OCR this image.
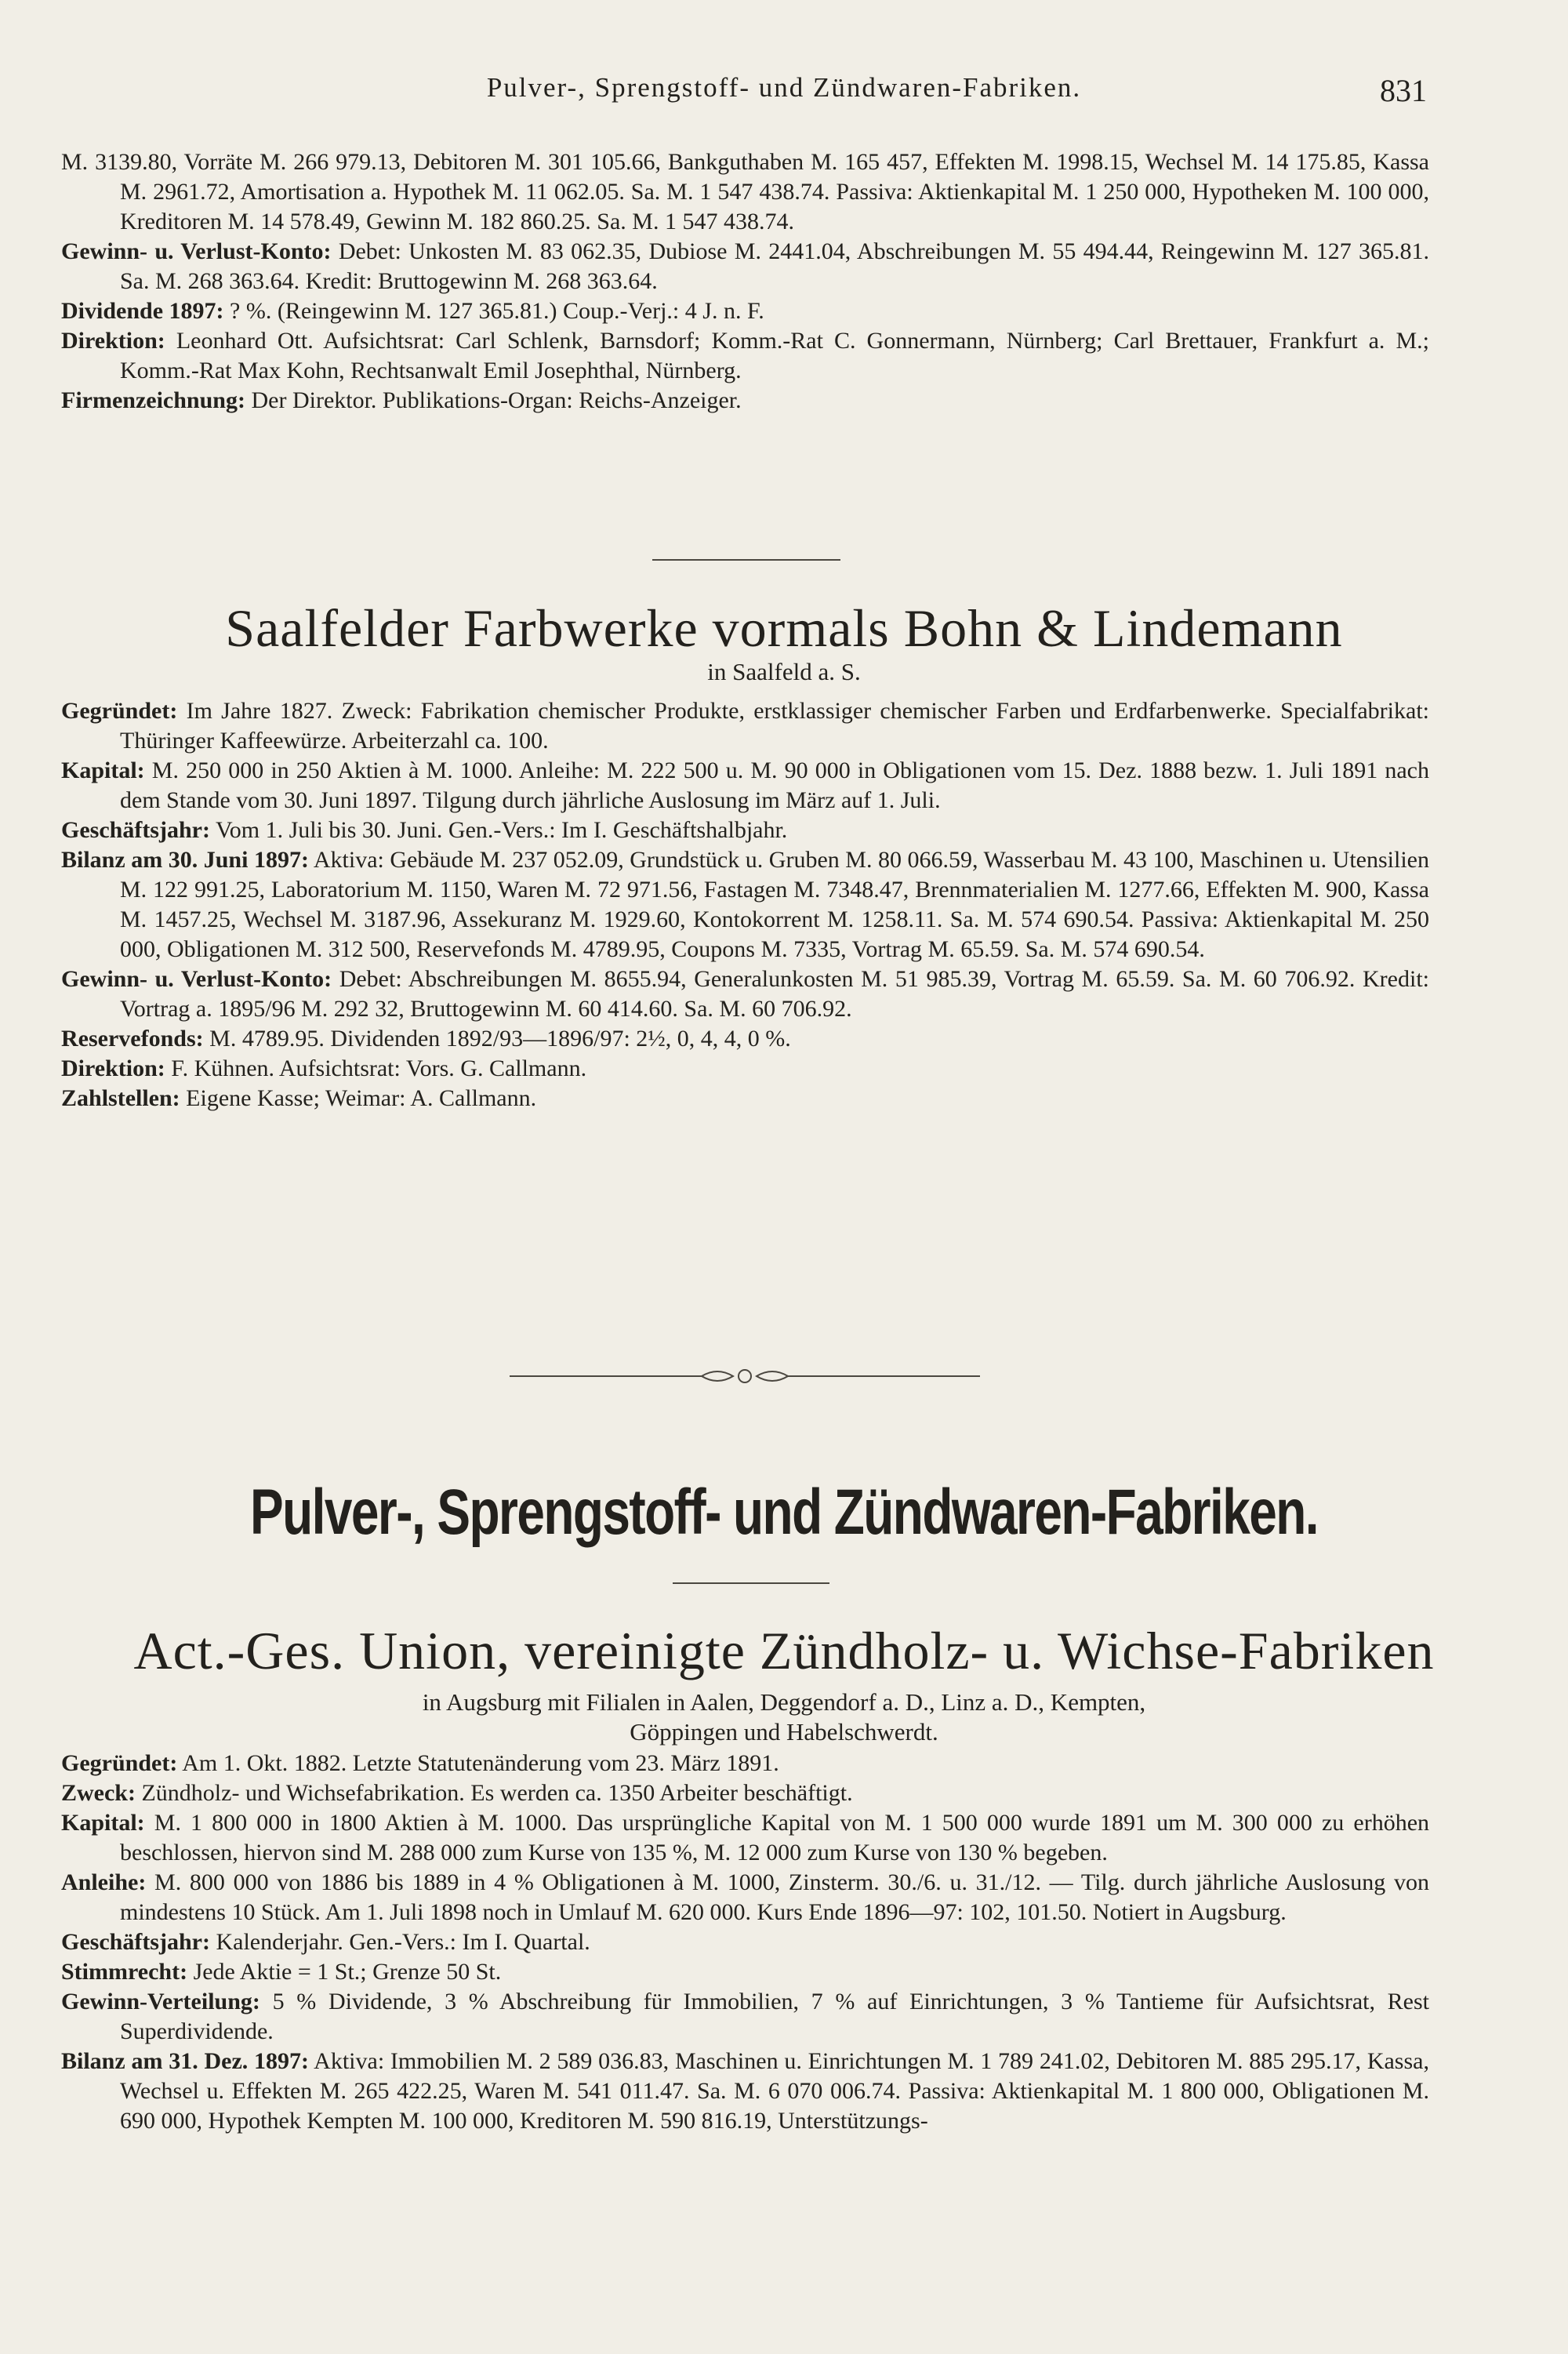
Pulver-, Sprengstoff- und Zündwaren-Fabriken.	831
M. 3139.80, Vorräte M. 266 979.13, Debitoren M. 301 105.66, Bankguthaben M. 165 457, Effekten M. 1998.15, Wechsel M. 14 175.85, Kassa M. 2961.72, Amortisation a. Hypothek M. 11 062.05. Sa. M. 1 547 438.74. Passiva: Aktienkapital M. 1 250 000, Hypotheken M. 100 000, Kreditoren M. 14 578.49, Gewinn M. 182 860.25. Sa. M. 1 547 438.74.
Gewinn- u. Verlust-Konto: Debet: Unkosten M. 83 062.35, Dubiose M. 2441.04, Abschreibungen M. 55 494.44, Reingewinn M. 127 365.81. Sa. M. 268 363.64. Kredit: Bruttogewinn M. 268 363.64.
Dividende 1897: ? %. (Reingewinn M. 127 365.81.) Coup.-Verj.: 4 J. n. F.
Direktion: Leonhard Ott. Aufsichtsrat: Carl Schlenk, Barnsdorf; Komm.-Rat C. Gonnermann, Nürnberg; Carl Brettauer, Frankfurt a. M.; Komm.-Rat Max Kohn, Rechtsanwalt Emil Josephthal, Nürnberg.
Firmenzeichnung: Der Direktor. Publikations-Organ: Reichs-Anzeiger.
Saalfelder Farbwerke vormals Bohn & Lindemann
in Saalfeld a. S.
Gegründet: Im Jahre 1827. Zweck: Fabrikation chemischer Produkte, erstklassiger chemischer Farben und Erdfarbenwerke. Specialfabrikat: Thüringer Kaffeewürze. Arbeiterzahl ca. 100.
Kapital: M. 250 000 in 250 Aktien à M. 1000. Anleihe: M. 222 500 u. M. 90 000 in Obligationen vom 15. Dez. 1888 bezw. 1. Juli 1891 nach dem Stande vom 30. Juni 1897. Tilgung durch jährliche Auslosung im März auf 1. Juli.
Geschäftsjahr: Vom 1. Juli bis 30. Juni. Gen.-Vers.: Im I. Geschäftshalbjahr.
Bilanz am 30. Juni 1897: Aktiva: Gebäude M. 237 052.09, Grundstück u. Gruben M. 80 066.59, Wasserbau M. 43 100, Maschinen u. Utensilien M. 122 991.25, Laboratorium M. 1150, Waren M. 72 971.56, Fastagen M. 7348.47, Brennmaterialien M. 1277.66, Effekten M. 900, Kassa M. 1457.25, Wechsel M. 3187.96, Assekuranz M. 1929.60, Kontokorrent M. 1258.11. Sa. M. 574 690.54. Passiva: Aktienkapital M. 250 000, Obligationen M. 312 500, Reservefonds M. 4789.95, Coupons M. 7335, Vortrag M. 65.59. Sa. M. 574 690.54.
Gewinn- u. Verlust-Konto: Debet: Abschreibungen M. 8655.94, Generalunkosten M. 51 985.39, Vortrag M. 65.59. Sa. M. 60 706.92. Kredit: Vortrag a. 1895/96 M. 292 32, Bruttogewinn M. 60 414.60. Sa. M. 60 706.92.
Reservefonds: M. 4789.95. Dividenden 1892/93—1896/97: 2½, 0, 4, 4, 0 %.
Direktion: F. Kühnen. Aufsichtsrat: Vors. G. Callmann.
Zahlstellen: Eigene Kasse; Weimar: A. Callmann.
Pulver-, Sprengstoff- und Zündwaren-Fabriken.
Act.-Ges. Union, vereinigte Zündholz- u. Wichse-Fabriken
in Augsburg mit Filialen in Aalen, Deggendorf a. D., Linz a. D., Kempten,
Göppingen und Habelschwerdt.
Gegründet: Am 1. Okt. 1882. Letzte Statutenänderung vom 23. März 1891.
Zweck: Zündholz- und Wichsefabrikation. Es werden ca. 1350 Arbeiter beschäftigt.
Kapital: M. 1 800 000 in 1800 Aktien à M. 1000. Das ursprüngliche Kapital von M. 1 500 000 wurde 1891 um M. 300 000 zu erhöhen beschlossen, hiervon sind M. 288 000 zum Kurse von 135 %, M. 12 000 zum Kurse von 130 % begeben.
Anleihe: M. 800 000 von 1886 bis 1889 in 4 % Obligationen à M. 1000, Zinsterm. 30./6. u. 31./12. — Tilg. durch jährliche Auslosung von mindestens 10 Stück. Am 1. Juli 1898 noch in Umlauf M. 620 000. Kurs Ende 1896—97: 102, 101.50. Notiert in Augsburg.
Geschäftsjahr: Kalenderjahr. Gen.-Vers.: Im I. Quartal.
Stimmrecht: Jede Aktie = 1 St.; Grenze 50 St.
Gewinn-Verteilung: 5 % Dividende, 3 % Abschreibung für Immobilien, 7 % auf Einrichtungen, 3 % Tantieme für Aufsichtsrat, Rest Superdividende.
Bilanz am 31. Dez. 1897: Aktiva: Immobilien M. 2 589 036.83, Maschinen u. Einrichtungen M. 1 789 241.02, Debitoren M. 885 295.17, Kassa, Wechsel u. Effekten M. 265 422.25, Waren M. 541 011.47. Sa. M. 6 070 006.74. Passiva: Aktienkapital M. 1 800 000, Obligationen M. 690 000, Hypothek Kempten M. 100 000, Kreditoren M. 590 816.19, Unterstützungs-
